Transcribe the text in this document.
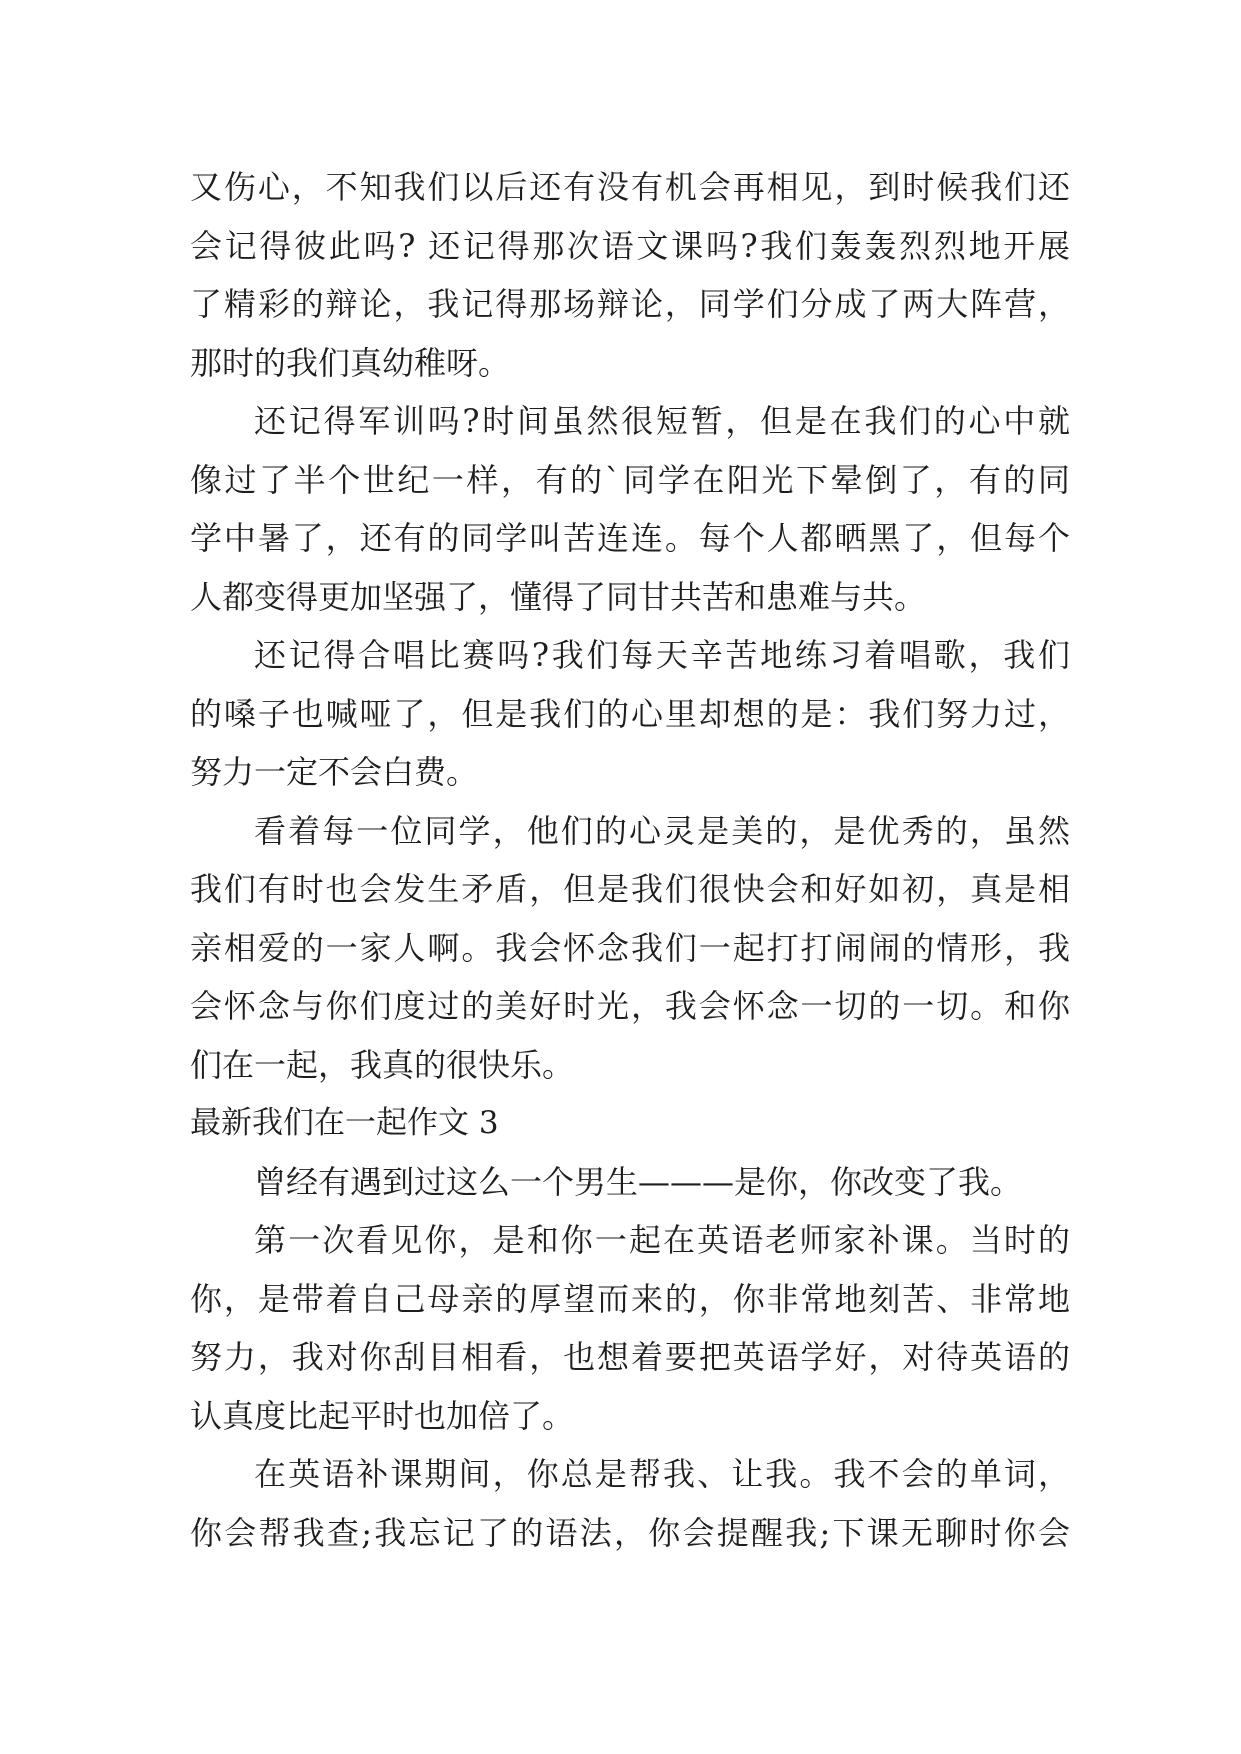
又伤心，不知我们以后还有没有机会再相见，到时候我们还
会记得彼此吗? 还记得那次语文课吗?我们轰轰烈烈地开展
了精彩的辩论，我记得那场辩论，同学们分成了两大阵营，
那时的我们真幼稚呀。
还记得军训吗?时间虽然很短暂，但是在我们的心中就
像过了半个世纪一样，有的`同学在阳光下晕倒了，有的同
学中暑了，还有的同学叫苦连连。每个人都晒黑了，但每个
人都变得更加坚强了，懂得了同甘共苦和患难与共。
还记得合唱比赛吗?我们每天辛苦地练习着唱歌，我们
的嗓子也喊哑了，但是我们的心里却想的是：我们努力过，
努力一定不会白费。
看着每一位同学，他们的心灵是美的，是优秀的，虽然
我们有时也会发生矛盾，但是我们很快会和好如初，真是相
亲相爱的一家人啊。我会怀念我们一起打打闹闹的情形，我
会怀念与你们度过的美好时光，我会怀念一切的一切。和你
们在一起，我真的很快乐。
最新我们在一起作文 3
曾经有遇到过这么一个男生———是你，你改变了我。
第一次看见你，是和你一起在英语老师家补课。当时的
你，是带着自己母亲的厚望而来的，你非常地刻苦、非常地
努力，我对你刮目相看，也想着要把英语学好，对待英语的
认真度比起平时也加倍了。
在英语补课期间，你总是帮我、让我。我不会的单词，
你会帮我查;我忘记了的语法，你会提醒我;下课无聊时你会
